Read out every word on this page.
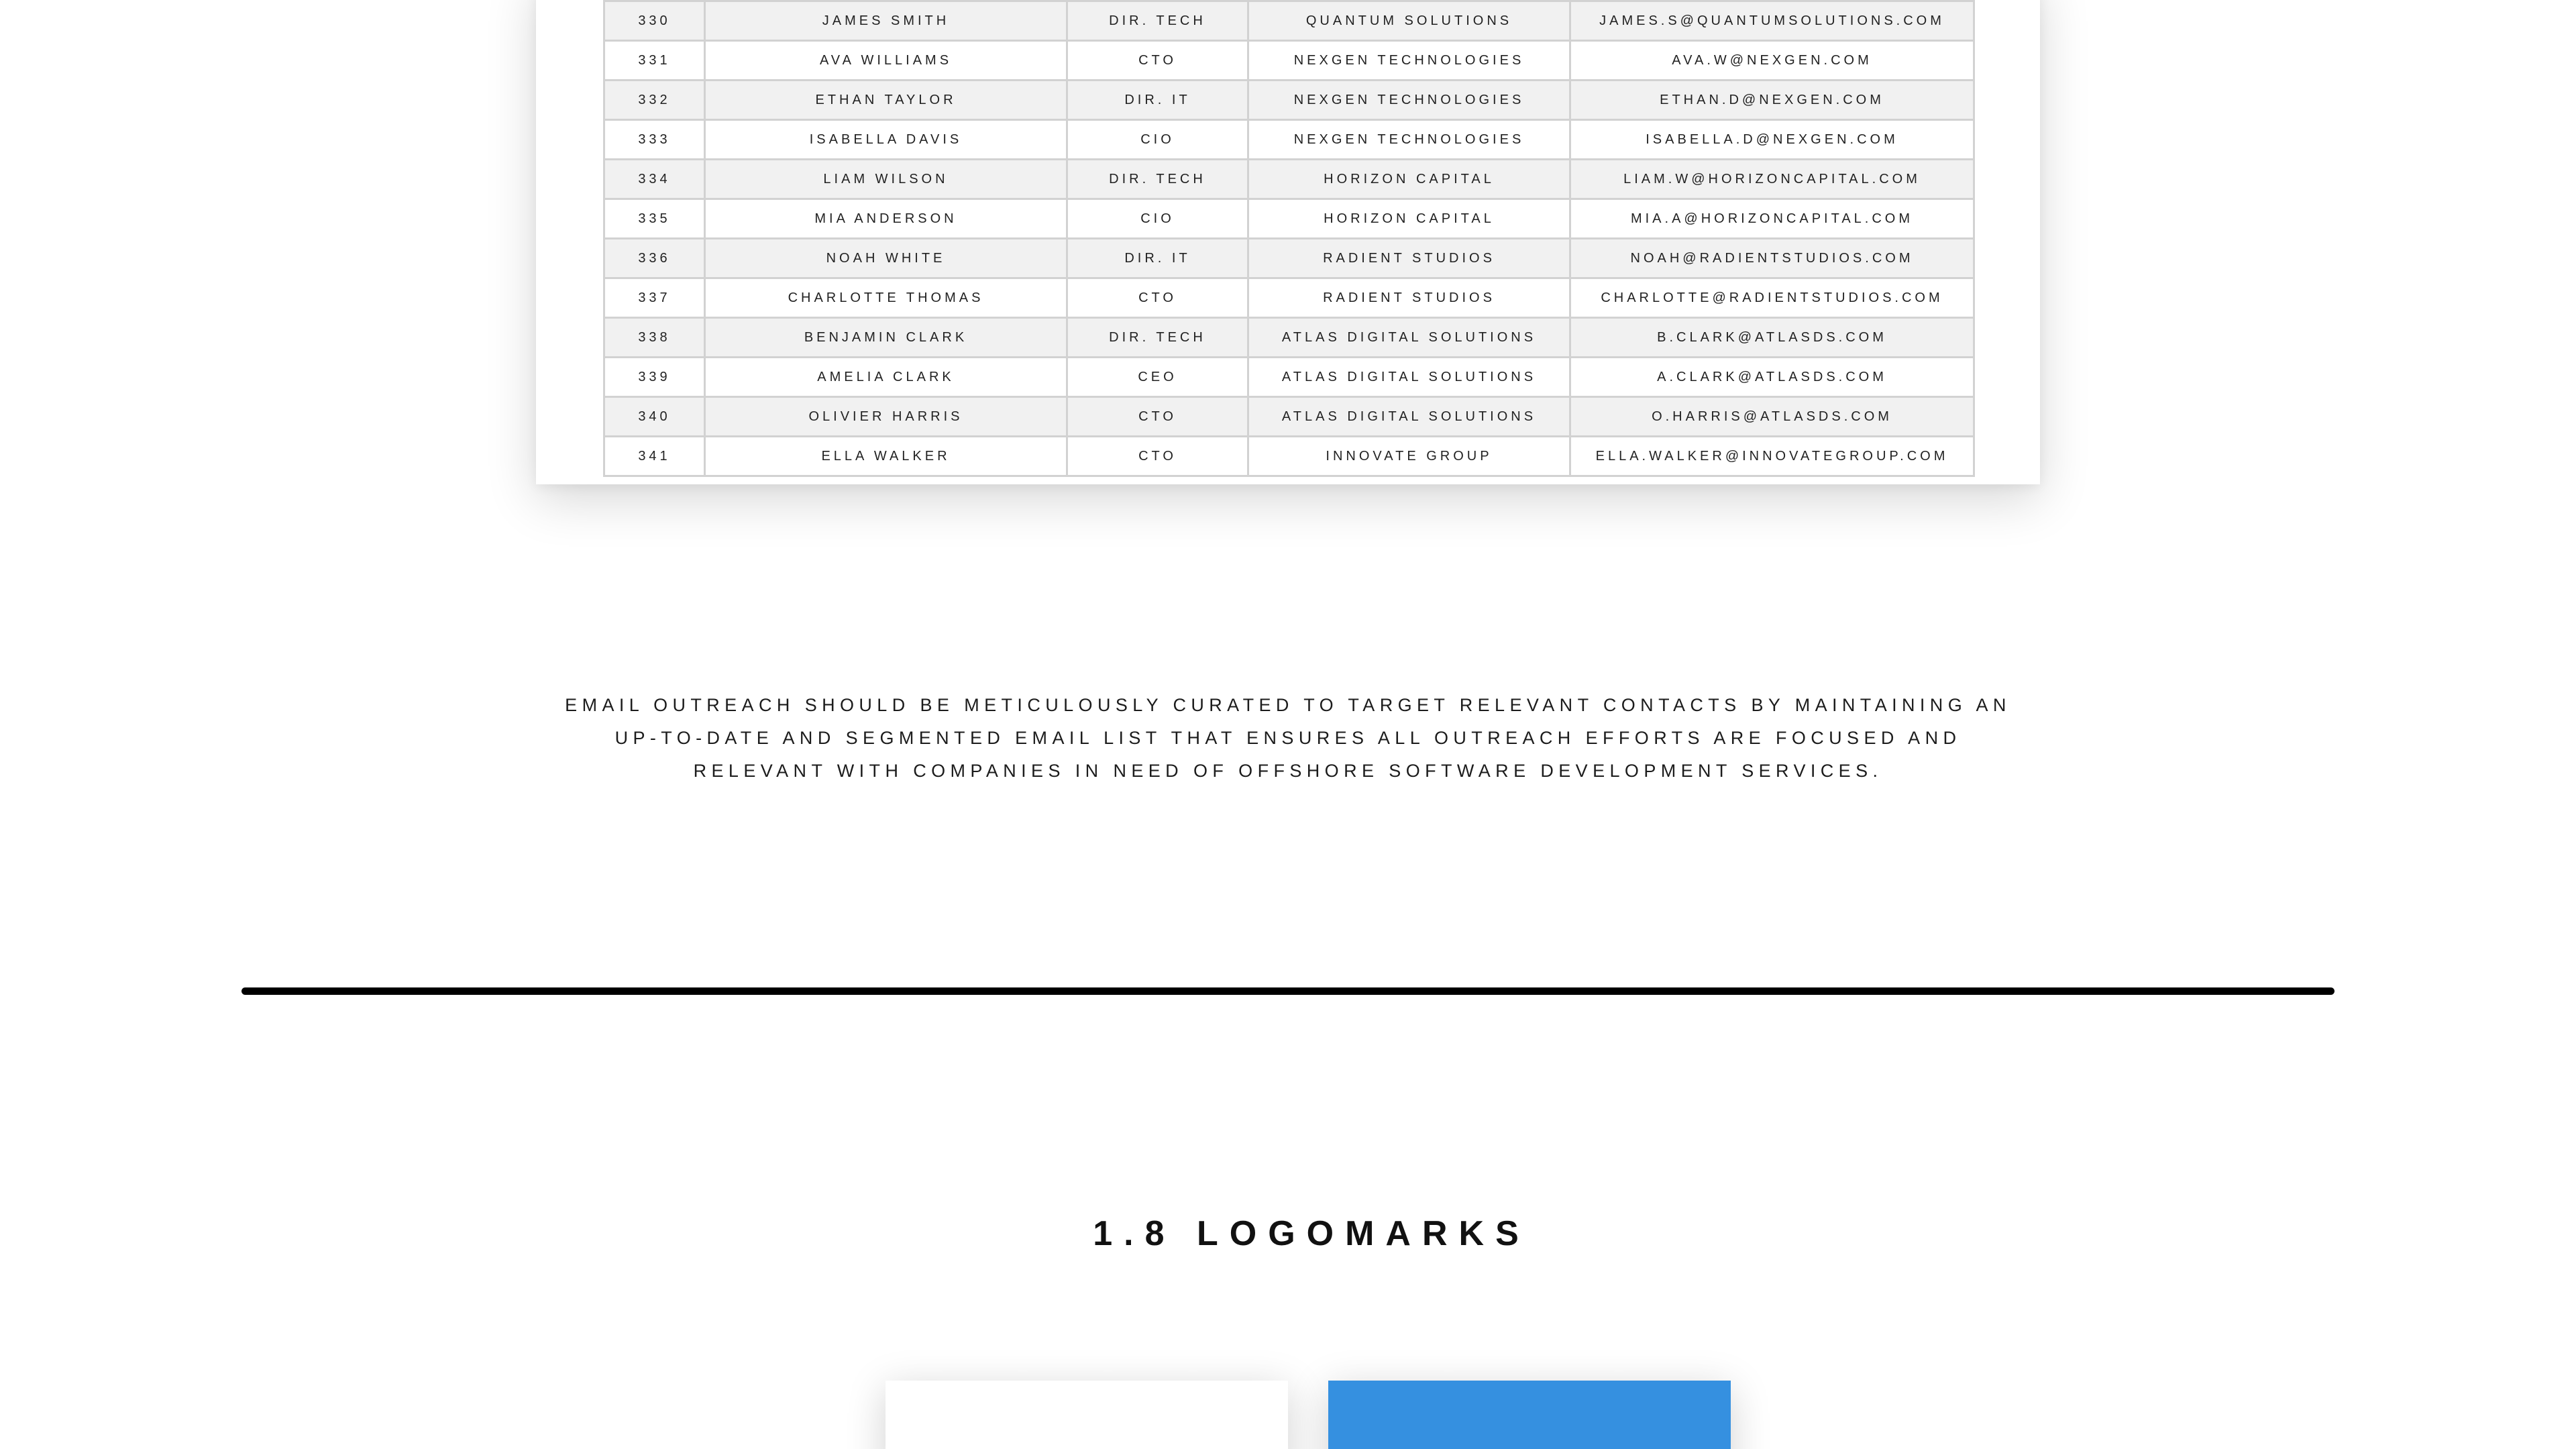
330	JAMES SMITH	DIR. TECH	QUANTUM SOLUTIONS	JAMES.S@QUANTUMSOLUTIONS.COM
331	AVA WILLIAMS	CTO	NEXGEN TECHNOLOGIES	AVA.W@NEXGEN.COM
332	ETHAN TAYLOR	DIR. IT	NEXGEN TECHNOLOGIES	ETHAN.D@NEXGEN.COM
333	ISABELLA DAVIS	CIO	NEXGEN TECHNOLOGIES	ISABELLA.D@NEXGEN.COM
334	LIAM WILSON	DIR. TECH	HORIZON CAPITAL	LIAM.W@HORIZONCAPITAL.COM
335	MIA ANDERSON	CIO	HORIZON CAPITAL	MIA.A@HORIZONCAPITAL.COM
336	NOAH WHITE	DIR. IT	RADIENT STUDIOS	NOAH@RADIENTSTUDIOS.COM
337	CHARLOTTE THOMAS	CTO	RADIENT STUDIOS	CHARLOTTE@RADIENTSTUDIOS.COM
338	BENJAMIN CLARK	DIR. TECH	ATLAS DIGITAL SOLUTIONS	B.CLARK@ATLASDS.COM
339	AMELIA CLARK	CEO	ATLAS DIGITAL SOLUTIONS	A.CLARK@ATLASDS.COM
340	OLIVIER HARRIS	CTO	ATLAS DIGITAL SOLUTIONS	O.HARRIS@ATLASDS.COM
341	ELLA WALKER	CTO	INNOVATE GROUP	ELLA.WALKER@INNOVATEGROUP.COM

EMAIL OUTREACH SHOULD BE METICULOUSLY CURATED TO TARGET RELEVANT CONTACTS BY MAINTAINING AN UP-TO-DATE AND SEGMENTED EMAIL LIST THAT ENSURES ALL OUTREACH EFFORTS ARE FOCUSED AND RELEVANT WITH COMPANIES IN NEED OF OFFSHORE SOFTWARE DEVELOPMENT SERVICES.

1.8 LOGOMARKS
